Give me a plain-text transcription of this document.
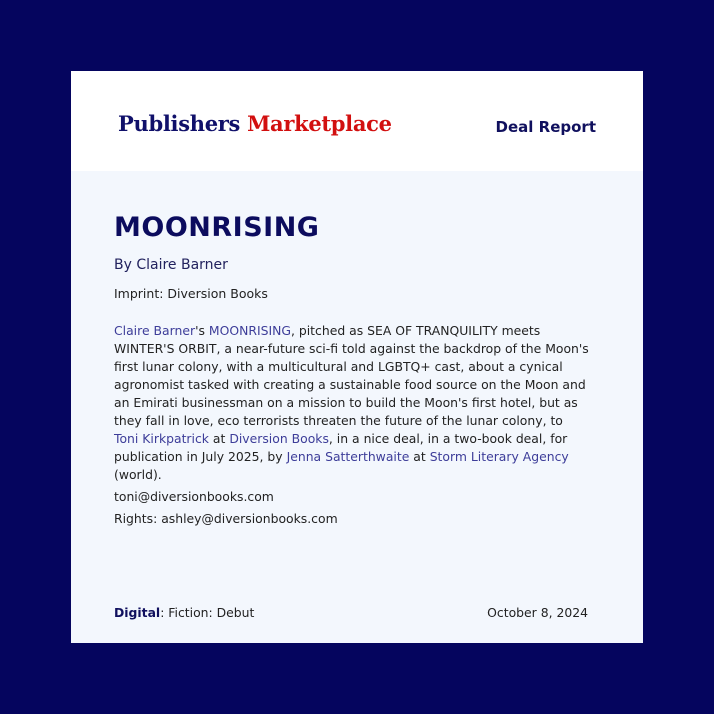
Publishers Marketplace	Deal Report
MOONRISING
By Claire Barner
Imprint: Diversion Books
Claire Barner's MOONRISING, pitched as SEA OF TRANQUILITY meets WINTER'S ORBIT, a near-future sci-fi told against the backdrop of the Moon's first lunar colony, with a multicultural and LGBTQ+ cast, about a cynical agronomist tasked with creating a sustainable food source on the Moon and an Emirati businessman on a mission to build the Moon's first hotel, but as they fall in love, eco terrorists threaten the future of the lunar colony, to Toni Kirkpatrick at Diversion Books, in a nice deal, in a two-book deal, for publication in July 2025, by Jenna Satterthwaite at Storm Literary Agency (world).
toni@diversionbooks.com
Rights: ashley@diversionbooks.com
Digital: Fiction: Debut	October 8, 2024
